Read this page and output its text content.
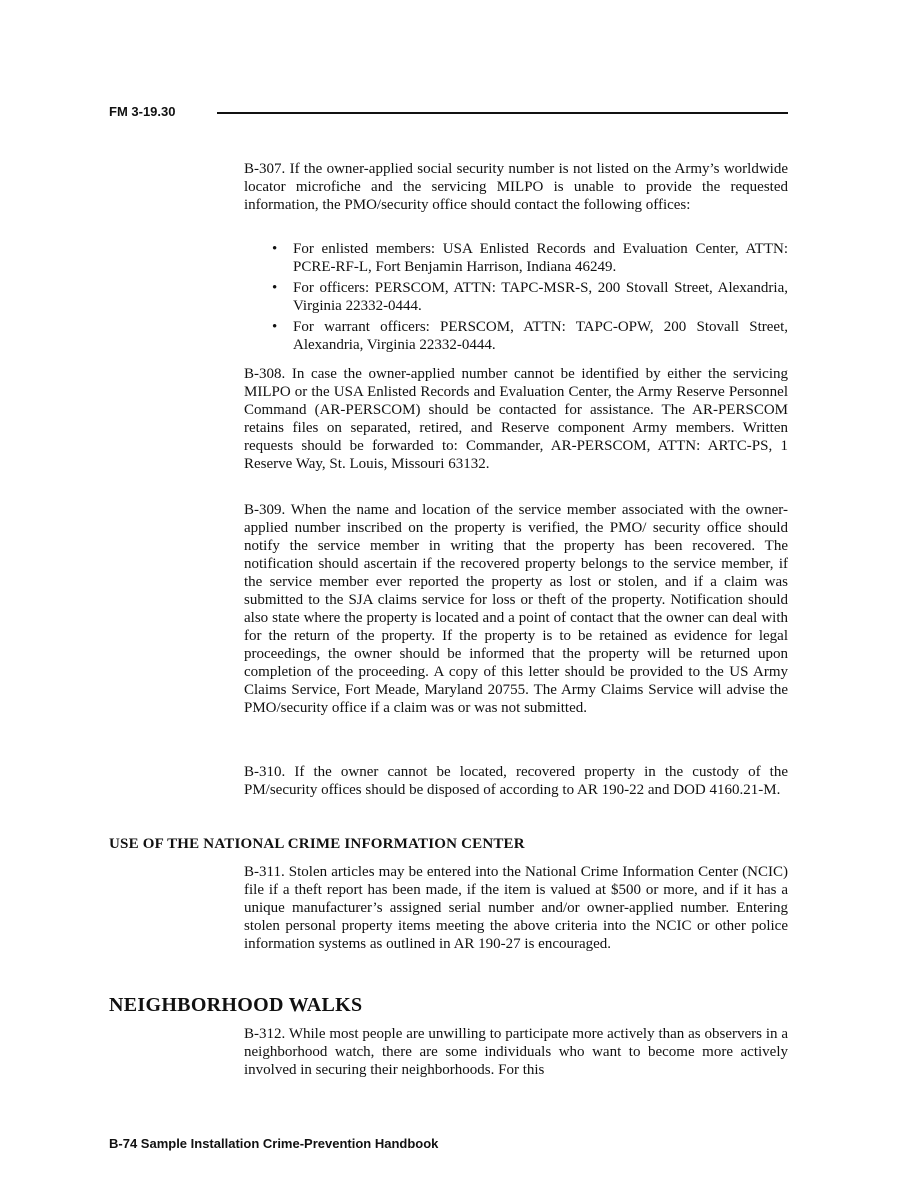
FM 3-19.30

B-307. If the owner-applied social security number is not listed on the Army’s worldwide locator microfiche and the servicing MILPO is unable to provide the requested information, the PMO/security office should contact the following offices:

• For enlisted members: USA Enlisted Records and Evaluation Center, ATTN: PCRE-RF-L, Fort Benjamin Harrison, Indiana 46249.
• For officers: PERSCOM, ATTN: TAPC-MSR-S, 200 Stovall Street, Alexandria, Virginia 22332-0444.
• For warrant officers: PERSCOM, ATTN: TAPC-OPW, 200 Stovall Street, Alexandria, Virginia 22332-0444.

B-308. In case the owner-applied number cannot be identified by either the servicing MILPO or the USA Enlisted Records and Evaluation Center, the Army Reserve Personnel Command (AR-PERSCOM) should be contacted for assistance. The AR-PERSCOM retains files on separated, retired, and Reserve component Army members. Written requests should be forwarded to: Commander, AR-PERSCOM, ATTN: ARTC-PS, 1 Reserve Way, St. Louis, Missouri 63132.

B-309. When the name and location of the service member associated with the owner-applied number inscribed on the property is verified, the PMO/ security office should notify the service member in writing that the property has been recovered. The notification should ascertain if the recovered property belongs to the service member, if the service member ever reported the property as lost or stolen, and if a claim was submitted to the SJA claims service for loss or theft of the property. Notification should also state where the property is located and a point of contact that the owner can deal with for the return of the property. If the property is to be retained as evidence for legal proceedings, the owner should be informed that the property will be returned upon completion of the proceeding. A copy of this letter should be provided to the US Army Claims Service, Fort Meade, Maryland 20755. The Army Claims Service will advise the PMO/security office if a claim was or was not submitted.

B-310. If the owner cannot be located, recovered property in the custody of the PM/security offices should be disposed of according to AR 190-22 and DOD 4160.21-M.

USE OF THE NATIONAL CRIME INFORMATION CENTER

B-311. Stolen articles may be entered into the National Crime Information Center (NCIC) file if a theft report has been made, if the item is valued at $500 or more, and if it has a unique manufacturer’s assigned serial number and/or owner-applied number. Entering stolen personal property items meeting the above criteria into the NCIC or other police information systems as outlined in AR 190-27 is encouraged.

NEIGHBORHOOD WALKS

B-312. While most people are unwilling to participate more actively than as observers in a neighborhood watch, there are some individuals who want to become more actively involved in securing their neighborhoods. For this

B-74 Sample Installation Crime-Prevention Handbook
